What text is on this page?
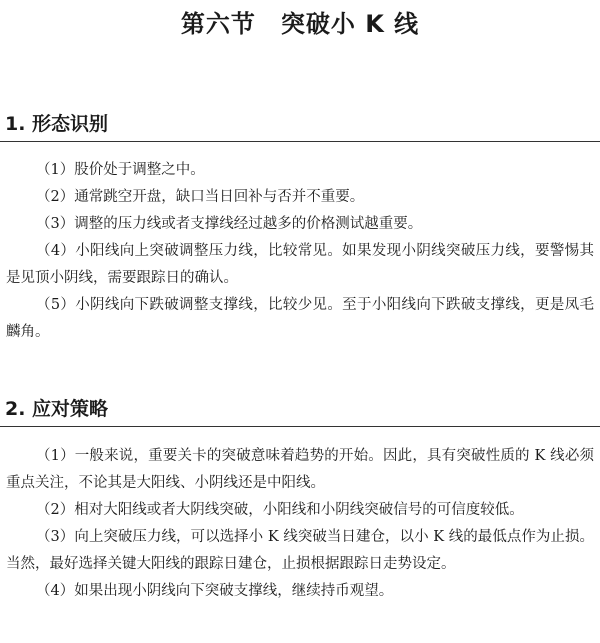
第六节　突破小 K 线
1. 形态识别

（1）股价处于调整之中。

（2）通常跳空开盘，缺口当日回补与否并不重要。

（3）调整的压力线或者支撑线经过越多的价格测试越重要。

（4）小阳线向上突破调整压力线，比较常见。如果发现小阴线突破压力线，要警惕其是见顶小阴线，需要跟踪日的确认。

（5）小阴线向下跌破调整支撑线，比较少见。至于小阳线向下跌破支撑线，更是凤毛麟角。

2. 应对策略

（1）一般来说，重要关卡的突破意味着趋势的开始。因此，具有突破性质的 K 线必须重点关注，不论其是大阳线、小阴线还是中阳线。

（2）相对大阳线或者大阴线突破，小阳线和小阴线突破信号的可信度较低。

（3）向上突破压力线，可以选择小 K 线突破当日建仓，以小 K 线的最低点作为止损。当然，最好选择关键大阳线的跟踪日建仓，止损根据跟踪日走势设定。

（4）如果出现小阴线向下突破支撑线，继续持币观望。
